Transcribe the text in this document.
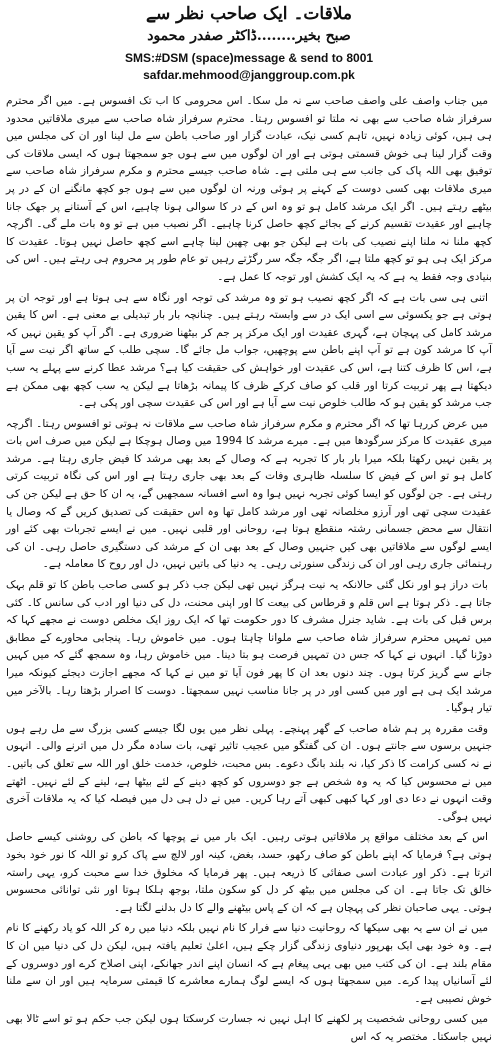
ملاقات۔ ایک صاحب نظر سے

صبح بخیر........ڈاکٹر صفدر محمود

SMS:#DSM (space)message & send to 8001

safdar.mehmood@janggroup.com.pk

میں جناب واصف علی واصف صاحب سے نہ مل سکا۔ اس محرومی کا اب تک افسوس ہے۔ میں اگر محترم سرفراز شاہ صاحب سے بھی نہ ملتا تو افسوس رہتا۔ محترم سرفراز شاہ صاحب سے میری ملاقاتیں محدود ہی ہیں، کوئی زیادہ نہیں، تاہم کسی نیک، عبادت گزار اور صاحب باطن سے مل لینا اور ان کی مجلس میں وقت گزار لینا ہی خوش قسمتی ہوتی ہے اور ان لوگوں میں سے ہوں جو سمجھتا ہوں کہ ایسی ملاقات کی توفیق بھی اللہ پاک کی جانب سے ہی ملتی ہے۔ شاہ صاحب جیسے محترم و مکرم سرفراز شاہ صاحب سے میری ملاقات بھی کسی دوست کے کہنے پر ہوئی ورنہ ان لوگوں میں سے ہوں جو کچھ مانگنے ان کے در پر بیٹھے رہتے ہیں۔ اگر ایک مرشد کامل ہو تو وہ اس کے در کا سوالی ہونا چاہیے، اس کے آستانے پر جھک جانا چاہیے اور عقیدت تقسیم کرنے کے بجائے کچھ حاصل کرنا چاہیے۔ اگر نصیب میں ہے تو وہ بات ملے گی۔ اگرچہ کچھ ملنا نہ ملنا اپنے نصیب کی بات ہے لیکن جو بھی چھین لینا چاہے اسے کچھ حاصل نہیں ہوتا۔ عقیدت کا مرکز ایک ہی ہو تو کچھ ملتا ہے، اگر جگہ جگہ سر رگڑتے رہیں تو عام طور پر محروم ہی رہتے ہیں۔ اس کی بنیادی وجہ فقط یہ ہے کہ یہ ایک کشش اور توجہ کا عمل ہے۔

اتنی ہی سی بات ہے کہ اگر کچھ نصیب ہو تو وہ مرشد کی توجہ اور نگاہ سے ہی ہوتا ہے اور توجہ ان پر ہوتی ہے جو یکسوئی سے اسی ایک در سے وابستہ رہتے ہیں۔ چنانچہ بار بار تبدیلی بے معنی ہے۔ اس کا یقین مرشد کامل کی پہچان ہے، گہری عقیدت اور ایک مرکز پر جم کر بیٹھنا ضروری ہے۔ اگر آپ کو یقین نہیں کہ آپ کا مرشد کون ہے تو آپ اپنے باطن سے پوچھیں، جواب مل جائے گا۔ سچی طلب کے ساتھ اگر نیت سے آیا ہے، اس کا ظرف کتنا ہے، اس کی عقیدت اور خواہش کی حقیقت کیا ہے؟ مرشد عطا کرنے سے پہلے یہ سب دیکھتا ہے پھر تربیت کرتا اور قلب کو صاف کرکے ظرف کا پیمانہ بڑھاتا ہے لیکن یہ سب کچھ بھی ممکن ہے جب مرشد کو یقین ہو کہ طالب خلوص نیت سے آیا ہے اور اس کی عقیدت سچی اور پکی ہے۔

میں عرض کررہا تھا کہ اگر محترم و مکرم سرفراز شاہ صاحب سے ملاقات نہ ہوتی تو افسوس رہتا۔ اگرچہ میری عقیدت کا مرکز سرگودھا میں ہے۔ میرے مرشد کا 1994 میں وصال ہوچکا ہے لیکن میں صرف اس بات پر یقین نہیں رکھتا بلکہ میرا بار بار کا تجربہ ہے کہ وصال کے بعد بھی مرشد کا فیض جاری رہتا ہے۔ مرشد کامل ہو تو اس کے فیض کا سلسلہ ظاہری وفات کے بعد بھی جاری رہتا ہے اور اس کی نگاہ تربیت کرتی رہتی ہے۔ جن لوگوں کو ایسا کوئی تجربہ نہیں ہوا وہ اسے افسانہ سمجھیں گے، یہ ان کا حق ہے لیکن جن کی عقیدت سچی تھی اور آرزو مخلصانہ تھی اور مرشد کامل تھا وہ اس حقیقت کی تصدیق کریں گے کہ وصال یا انتقال سے محض جسمانی رشتہ منقطع ہوتا ہے، روحانی اور قلبی نہیں۔ میں نے ایسے تجربات بھی کئے اور ایسے لوگوں سے ملاقاتیں بھی کیں جنہیں وصال کے بعد بھی ان کے مرشد کی دستگیری حاصل رہی۔ ان کی رہنمائی جاری رہی اور ان کی زندگی سنورتی رہی۔ یہ دنیا کی باتیں نہیں، دل اور روح کا معاملہ ہے۔

بات دراز ہو اور نکل گئی حالانکہ یہ نیت ہرگز نہیں تھی لیکن جب ذکر ہو کسی صاحب باطن کا تو قلم بہک جاتا ہے۔ ذکر ہوتا ہے اس قلم و قرطاس کی بیعت کا اور اپنی محنت، دل کی دنیا اور ادب کی سانس کا۔ کئی برس قبل کی بات ہے۔ شاید جنرل مشرف کا دور حکومت تھا کہ ایک روز ایک مخلص دوست نے مجھے کہا کہ میں تمہیں محترم سرفراز شاہ صاحب سے ملوانا چاہتا ہوں۔ میں خاموش رہا۔ پنجابی محاورے کے مطابق دوڑنا گیا۔ انہوں نے کہا کہ جس دن تمہیں فرصت ہو بتا دینا۔ میں خاموش رہا، وہ سمجھ گئے کہ میں کہیں جانے سے گریز کرتا ہوں۔ چند دنوں بعد ان کا پھر فون آیا تو میں نے کہا کہ مجھے اجازت دیجئے کیونکہ میرا مرشد ایک ہی ہے اور میں کسی اور در پر جانا مناسب نہیں سمجھتا۔ دوست کا اصرار بڑھتا رہا۔ بالآخر میں تیار ہوگیا۔

وقت مقررہ پر ہم شاہ صاحب کے گھر پہنچے۔ پہلی نظر میں یوں لگا جیسے کسی بزرگ سے مل رہے ہوں جنہیں برسوں سے جانتے ہوں۔ ان کی گفتگو میں عجیب تاثیر تھی، بات سادہ مگر دل میں اترنے والی۔ انہوں نے نہ کسی کرامت کا ذکر کیا، نہ بلند بانگ دعوے۔ بس محبت، خلوص، خدمت خلق اور اللہ سے تعلق کی باتیں۔ میں نے محسوس کیا کہ یہ وہ شخص ہے جو دوسروں کو کچھ دینے کے لئے بیٹھا ہے، لینے کے لئے نہیں۔ اٹھتے وقت انہوں نے دعا دی اور کہا کبھی کبھی آتے رہا کریں۔ میں نے دل ہی دل میں فیصلہ کیا کہ یہ ملاقات آخری نہیں ہوگی۔

اس کے بعد مختلف مواقع پر ملاقاتیں ہوتی رہیں۔ ایک بار میں نے پوچھا کہ باطن کی روشنی کیسے حاصل ہوتی ہے؟ فرمایا کہ اپنے باطن کو صاف رکھو، حسد، بغض، کینہ اور لالچ سے پاک کرو تو اللہ کا نور خود بخود اترتا ہے۔ ذکر اور عبادت اسی صفائی کا ذریعہ ہیں۔ پھر فرمایا کہ مخلوق خدا سے محبت کرو، یہی راستہ خالق تک جاتا ہے۔ ان کی مجلس میں بیٹھ کر دل کو سکون ملتا، بوجھ ہلکا ہوتا اور نئی توانائی محسوس ہوتی۔ یہی صاحبان نظر کی پہچان ہے کہ ان کے پاس بیٹھنے والے کا دل بدلنے لگتا ہے۔

میں نے ان سے یہ بھی سیکھا کہ روحانیت دنیا سے فرار کا نام نہیں بلکہ دنیا میں رہ کر اللہ کو یاد رکھنے کا نام ہے۔ وہ خود بھی ایک بھرپور دنیاوی زندگی گزار چکے ہیں، اعلیٰ تعلیم یافتہ ہیں، لیکن دل کی دنیا میں ان کا مقام بلند ہے۔ ان کی کتب میں بھی یہی پیغام ہے کہ انسان اپنے اندر جھانکے، اپنی اصلاح کرے اور دوسروں کے لئے آسانیاں پیدا کرے۔ میں سمجھتا ہوں کہ ایسے لوگ ہمارے معاشرے کا قیمتی سرمایہ ہیں اور ان سے ملنا خوش نصیبی ہے۔

میں کسی روحانی شخصیت پر لکھنے کا اہل نہیں نہ جسارت کرسکتا ہوں لیکن جب حکم ہو تو اسے ٹالا بھی نہیں جاسکتا۔ مختصر یہ کہ اس
